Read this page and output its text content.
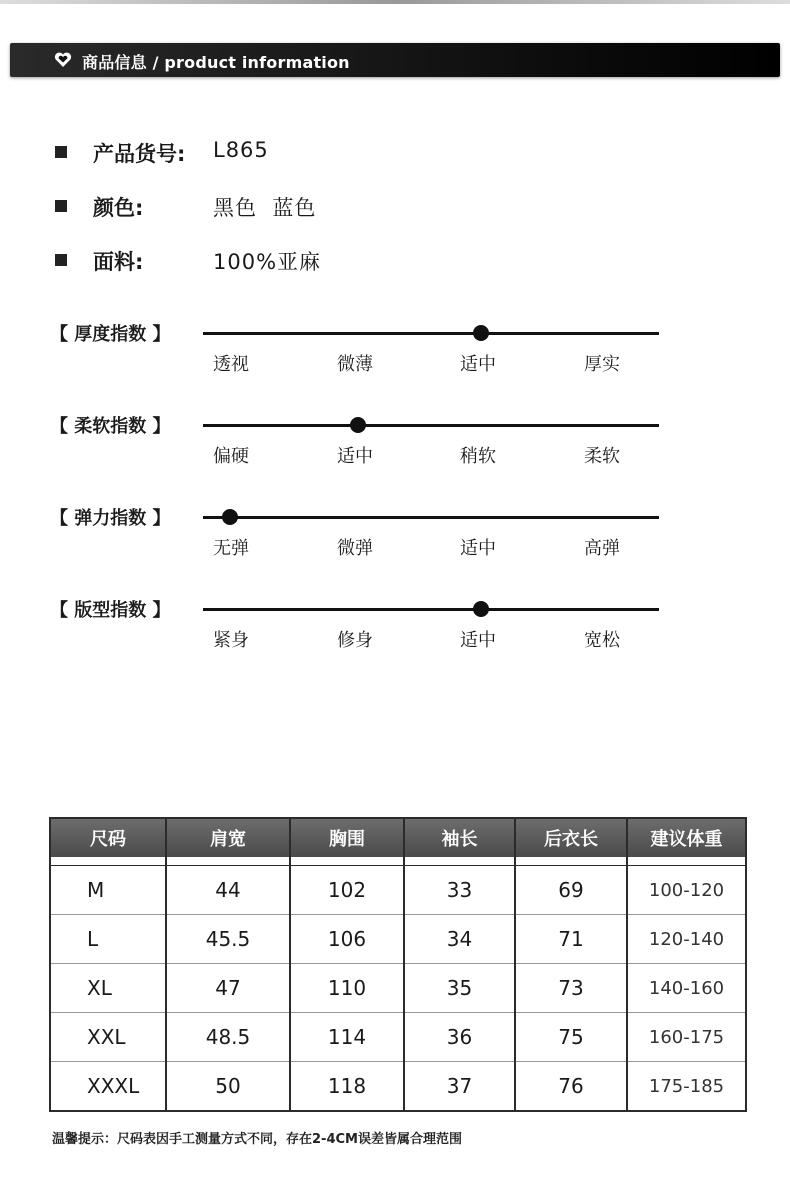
商品信息 / product information
产品货号: L865
颜色:	黑色  蓝色
面料:	100%亚麻
【 厚度指数 】
透视	微薄	适中	厚实
【 柔软指数 】
偏硬	适中	稍软	柔软
【 弹力指数 】
无弹	微弹	适中	高弹
【 版型指数 】
紧身	修身	适中	宽松
尺码	肩宽	胸围	袖长	后衣长	建议体重

M	44	102	33	69	100-120
L	45.5	106	34	71	120-140
XL	47	110	35	73	140-160
XXL	48.5	114	36	75	160-175
XXXL	50	118	37	76	175-185
温馨提示：尺码表因手工测量方式不同，存在2-4CM误差皆属合理范围
